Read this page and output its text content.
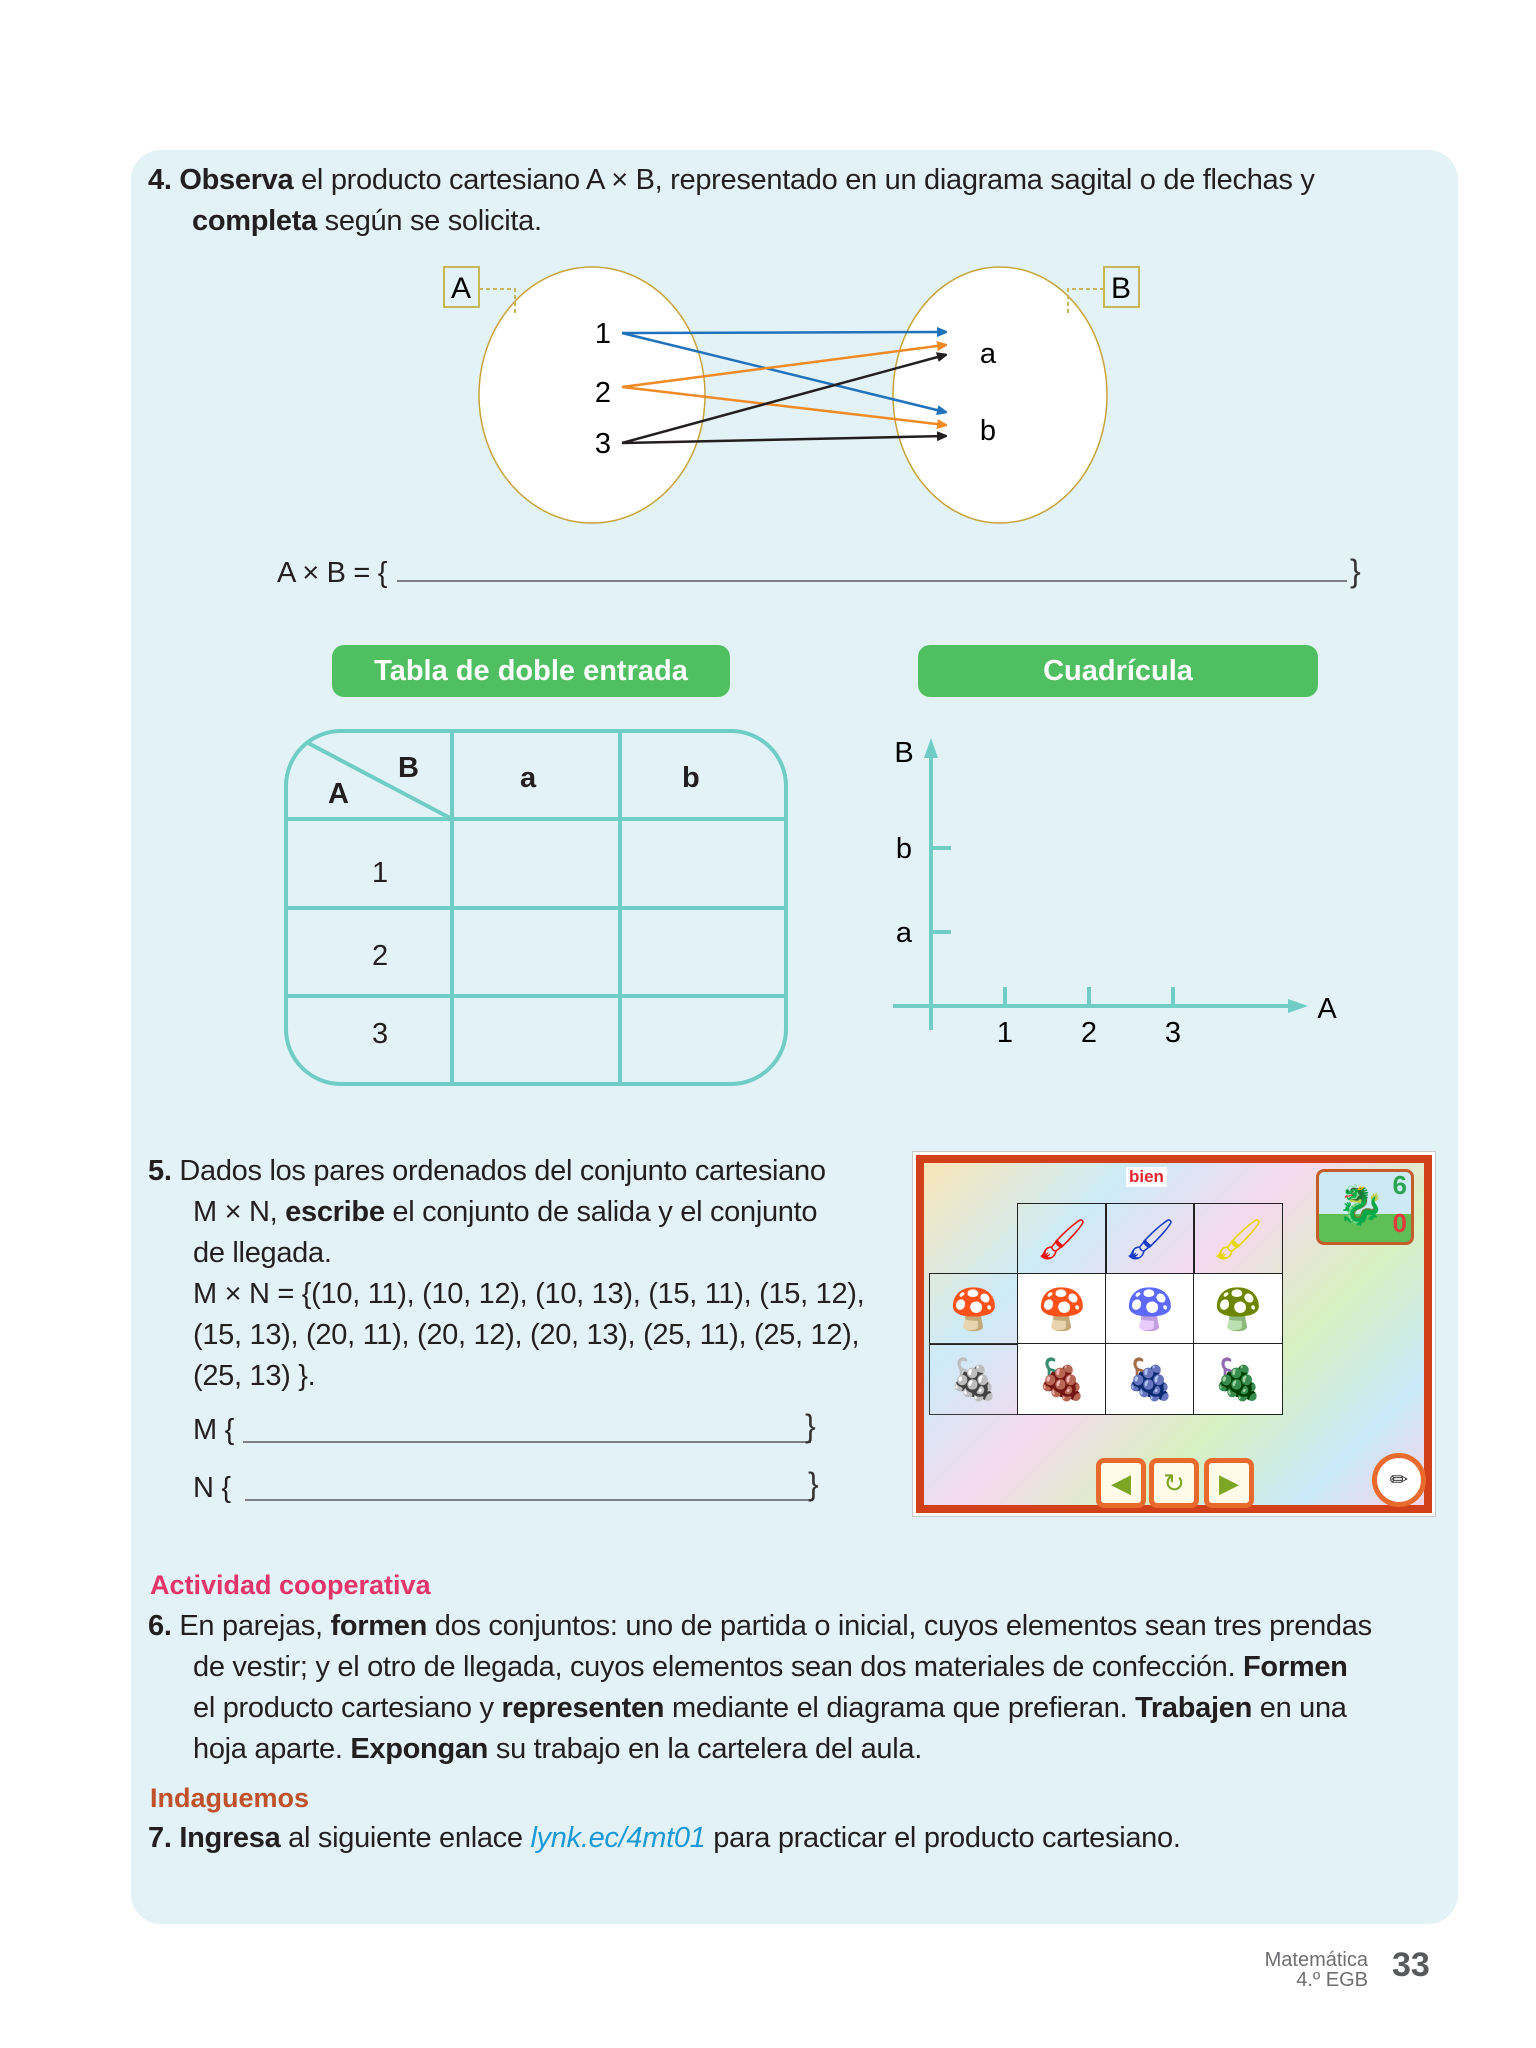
4. Observa el producto cartesiano A × B, representado en un diagrama sagital o de flechas y
completa según se solicita.
A	B
1
2
3
a
b
A × B = {	}
Tabla de doble entrada	Cuadrícula
B
A	a	b
1
2
3	1 2 3
a
b
B
A
5. Dados los pares ordenados del conjunto cartesiano
M × N, escribe el conjunto de salida y el conjunto
de llegada.
M × N = {(10, 11), (10, 12), (10, 13), (15, 11), (15, 12),
(15, 13), (20, 11), (20, 12), (20, 13), (25, 11), (25, 12),
(25, 13) }.
M {	}
N {	}
bien
🐉 6
0
🖌 🖌 🖌
🍄 🍄 🍄 🍄
🍇 🍇 🍇 🍇
◀ ↻ ▶	✏
Actividad cooperativa
6. En parejas, formen dos conjuntos: uno de partida o inicial, cuyos elementos sean tres prendas
de vestir; y el otro de llegada, cuyos elementos sean dos materiales de confección. Formen
el producto cartesiano y representen mediante el diagrama que prefieran. Trabajen en una
hoja aparte. Expongan su trabajo en la cartelera del aula.
Indaguemos
7. Ingresa al siguiente enlace lynk.ec/4mt01 para practicar el producto cartesiano.
Matemática
4.º EGB 33
